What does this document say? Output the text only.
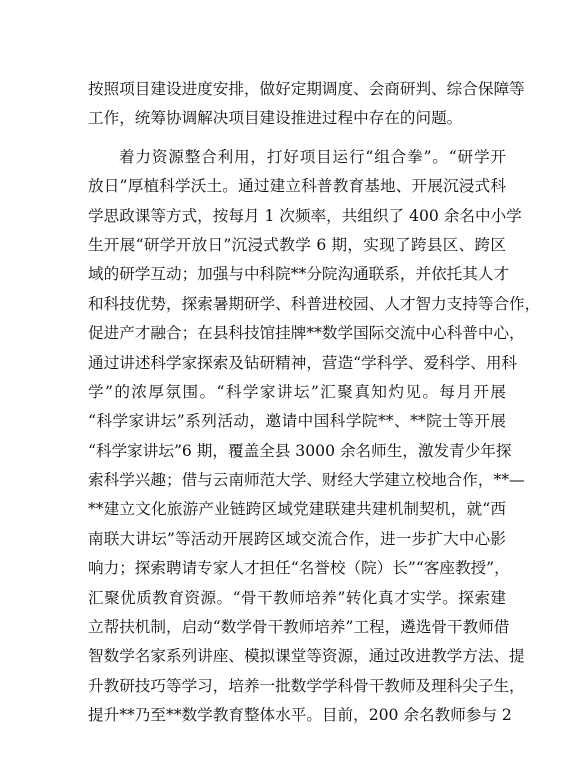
按照项目建设进度安排，做好定期调度、会商研判、综合保障等
工作，统筹协调解决项目建设推进过程中存在的问题。
着力资源整合利用，打好项目运行“组合拳”。“研学开
放日”厚植科学沃土。通过建立科普教育基地、开展沉浸式科
学思政课等方式，按每月 1 次频率，共组织了 400 余名中小学
生开展“研学开放日”沉浸式教学 6 期，实现了跨县区、跨区
域的研学互动；加强与中科院**分院沟通联系，并依托其人才
和科技优势，探索暑期研学、科普进校园、人才智力支持等合作，
促进产才融合；在县科技馆挂牌**数学国际交流中心科普中心，
通过讲述科学家探索及钻研精神，营造“学科学、爱科学、用科
学”的浓厚氛围。“科学家讲坛”汇聚真知灼见。每月开展
“科学家讲坛”系列活动，邀请中国科学院**、**院士等开展
“科学家讲坛”6 期，覆盖全县 3000 余名师生，激发青少年探
索科学兴趣；借与云南师范大学、财经大学建立校地合作，**—
**建立文化旅游产业链跨区域党建联建共建机制契机，就“西
南联大讲坛”等活动开展跨区域交流合作，进一步扩大中心影
响力；探索聘请专家人才担任“名誉校（院）长”“客座教授”，
汇聚优质教育资源。“骨干教师培养”转化真才实学。探索建
立帮扶机制，启动“数学骨干教师培养”工程，遴选骨干教师借
智数学名家系列讲座、模拟课堂等资源，通过改进教学方法、提
升教研技巧等学习，培养一批数学学科骨干教师及理科尖子生，
提升**乃至**数学教育整体水平。目前，200 余名教师参与 2
